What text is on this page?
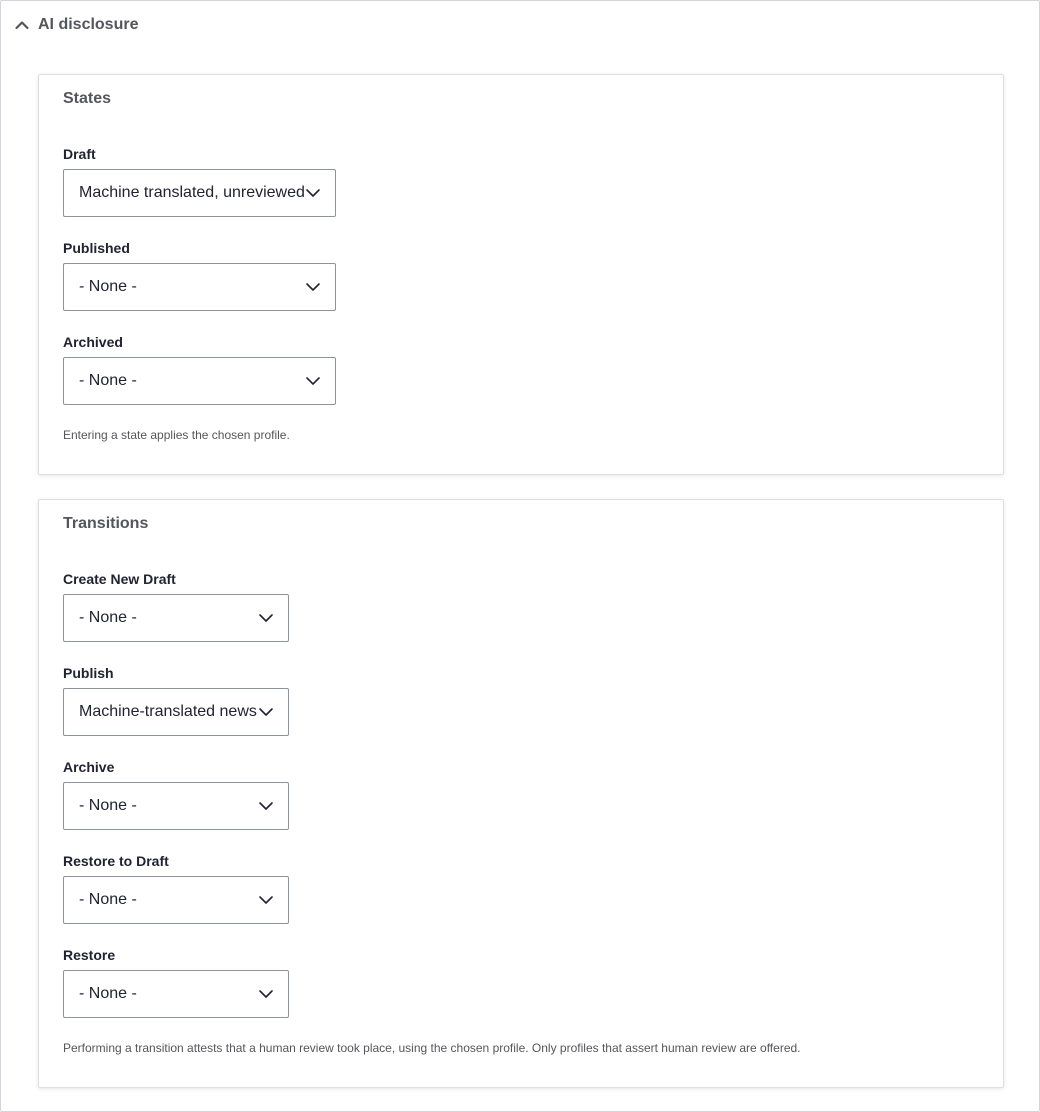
AI disclosure
States
Draft
Machine translated, unreviewed
Published
- None -
Archived
- None -
Entering a state applies the chosen profile.
Transitions
Create New Draft
- None -
Publish
Machine-translated news
Archive
- None -
Restore to Draft
- None -
Restore
- None -
Performing a transition attests that a human review took place, using the chosen profile. Only profiles that assert human review are offered.
